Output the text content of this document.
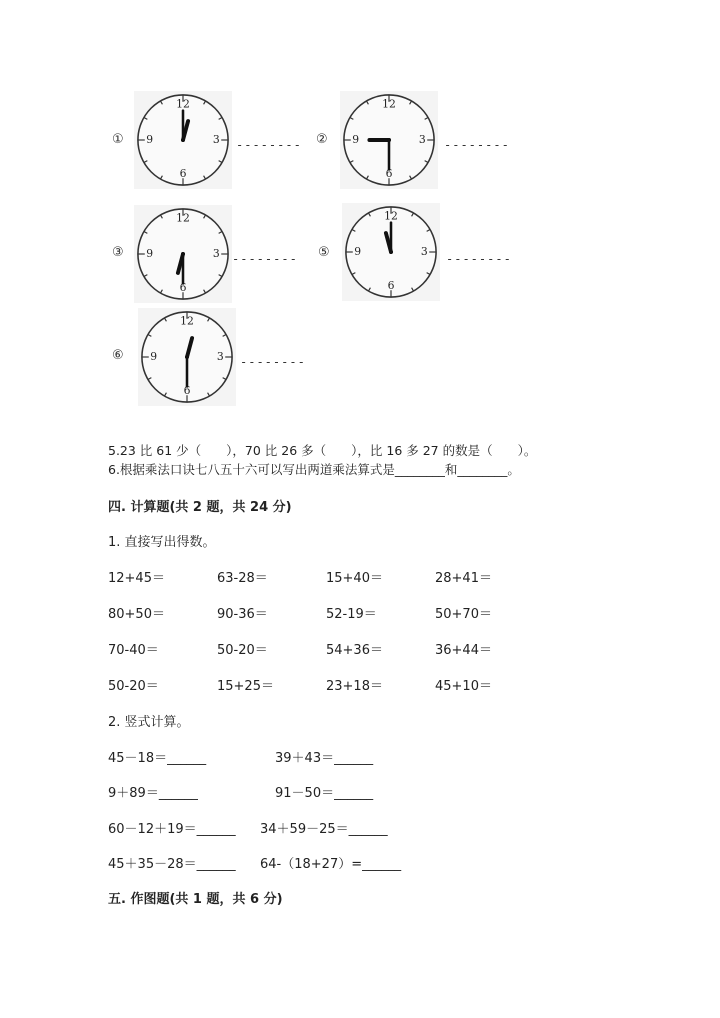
①
12
3
6
9	-------- ②
12
3
6
9	--------
③
12
3
6
9	-------- ⑤
12
3
6
9
--------
⑥
12
3
6
9	--------
5.23 比 61 少（　　），70 比 26 多（　　），比 16 多 27 的数是（　　）。
6.根据乘法口诀七八五十六可以写出两道乘法算式是________和________。
四. 计算题(共 2 题，共 24 分)
1. 直接写出得数。
12+45＝	63-28＝	15+40＝	28+41＝
80+50＝	90-36＝	52-19＝	50+70＝
70-40＝	50-20＝	54+36＝	36+44＝
50-20＝	15+25＝	23+18＝	45+10＝
2. 竖式计算。
45－18＝______	39＋43＝______
9＋89＝______	91－50＝______
60－12＋19＝______ 34＋59－25＝______
45＋35－28＝______ 64-（18+27）=______
五. 作图题(共 1 题，共 6 分)
